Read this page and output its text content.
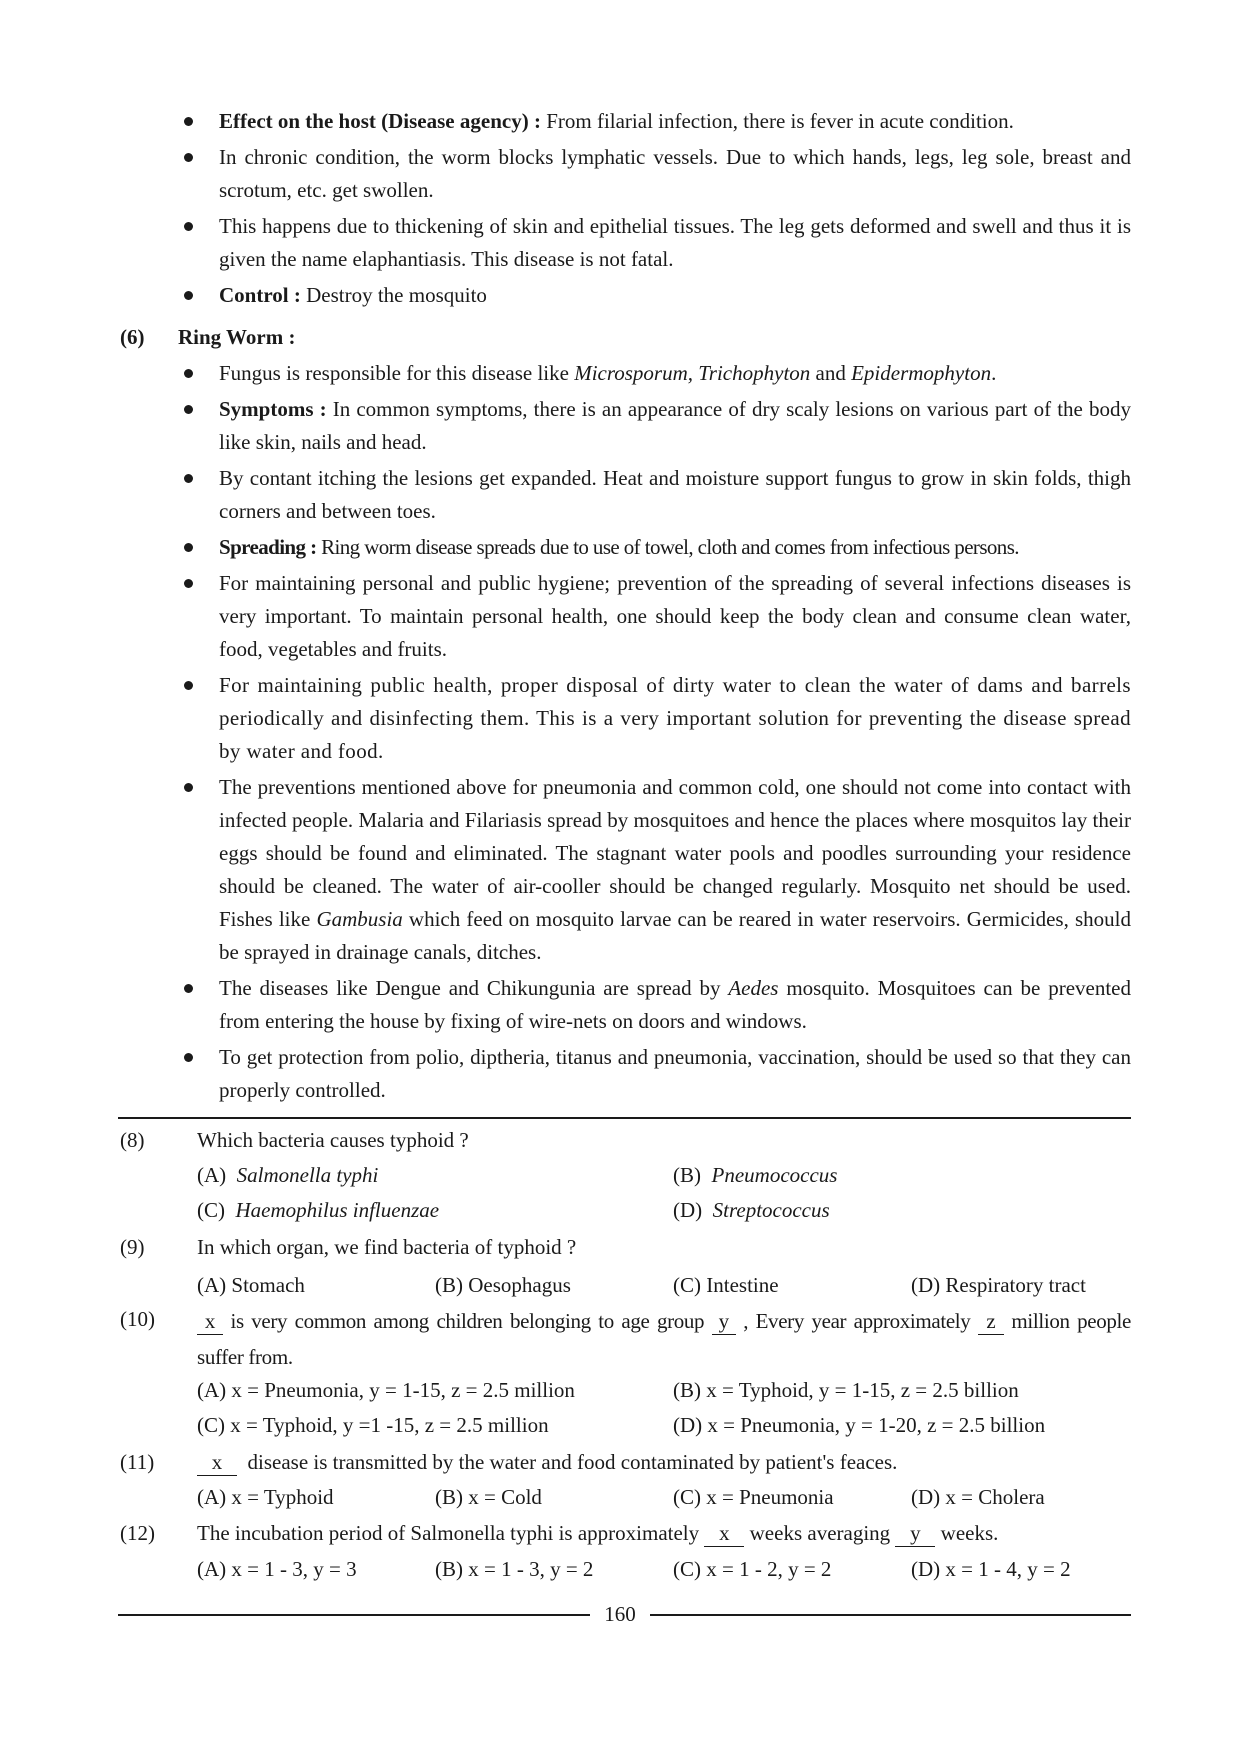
Effect on the host (Disease agency) : From filarial infection, there is fever in acute condition.
In chronic condition, the worm blocks lymphatic vessels. Due to which hands, legs, leg sole, breast and scrotum, etc. get swollen.
This happens due to thickening of skin and epithelial tissues. The leg gets deformed and swell and thus it is given the name elaphantiasis. This disease is not fatal.
Control : Destroy the mosquito
(6) Ring Worm :
Fungus is responsible for this disease like Microsporum, Trichophyton and Epidermophyton.
Symptoms : In common symptoms, there is an appearance of dry scaly lesions on various part of the body like skin, nails and head.
By contant itching the lesions get expanded. Heat and moisture support fungus to grow in skin folds, thigh corners and between toes.
Spreading : Ring worm disease spreads due to use of towel, cloth and comes from infectious persons.
For maintaining personal and public hygiene; prevention of the spreading of several infections diseases is very important. To maintain personal health, one should keep the body clean and consume clean water, food, vegetables and fruits.
For maintaining public health, proper disposal of dirty water to clean the water of dams and barrels periodically and disinfecting them. This is a very important solution for preventing the disease spread by water and food.
The preventions mentioned above for pneumonia and common cold, one should not come into contact with infected people. Malaria and Filariasis spread by mosquitoes and hence the places where mosquitos lay their eggs should be found and eliminated. The stagnant water pools and poodles surrounding your residence should be cleaned. The water of air-cooller should be changed regularly. Mosquito net should be used. Fishes like Gambusia which feed on mosquito larvae can be reared in water reservoirs. Germicides, should be sprayed in drainage canals, ditches.
The diseases like Dengue and Chikungunia are spread by Aedes mosquito. Mosquitoes can be prevented from entering the house by fixing of wire-nets on doors and windows.
To get protection from polio, diptheria, titanus and pneumonia, vaccination, should be used so that they can properly controlled.
(8)	Which bacteria causes typhoid ?
(A) Salmonella typhi	(B) Pneumococcus
(C) Haemophilus influenzae	(D) Streptococcus
(9)	In which organ, we find bacteria of typhoid ?
(A) Stomach	(B) Oesophagus	(C) Intestine	(D) Respiratory tract
(10)	x is very common among children belonging to age group y , Every year approximately z million people suffer from.
(A) x = Pneumonia, y = 1-15, z = 2.5 million	(B) x = Typhoid, y = 1-15, z = 2.5 billion
(C) x = Typhoid, y =1 -15, z = 2.5 million	(D) x = Pneumonia, y = 1-20, z = 2.5 billion
(11)	x  disease is transmitted by the water and food contaminated by patient's feaces.
(A) x = Typhoid	(B) x = Cold	(C) x = Pneumonia	(D) x = Cholera
(12) The incubation period of Salmonella typhi is approximately x weeks averaging y weeks.
(A) x = 1 - 3, y = 3	(B) x = 1 - 3, y = 2	(C) x = 1 - 2, y = 2	(D) x = 1 - 4, y = 2
160
